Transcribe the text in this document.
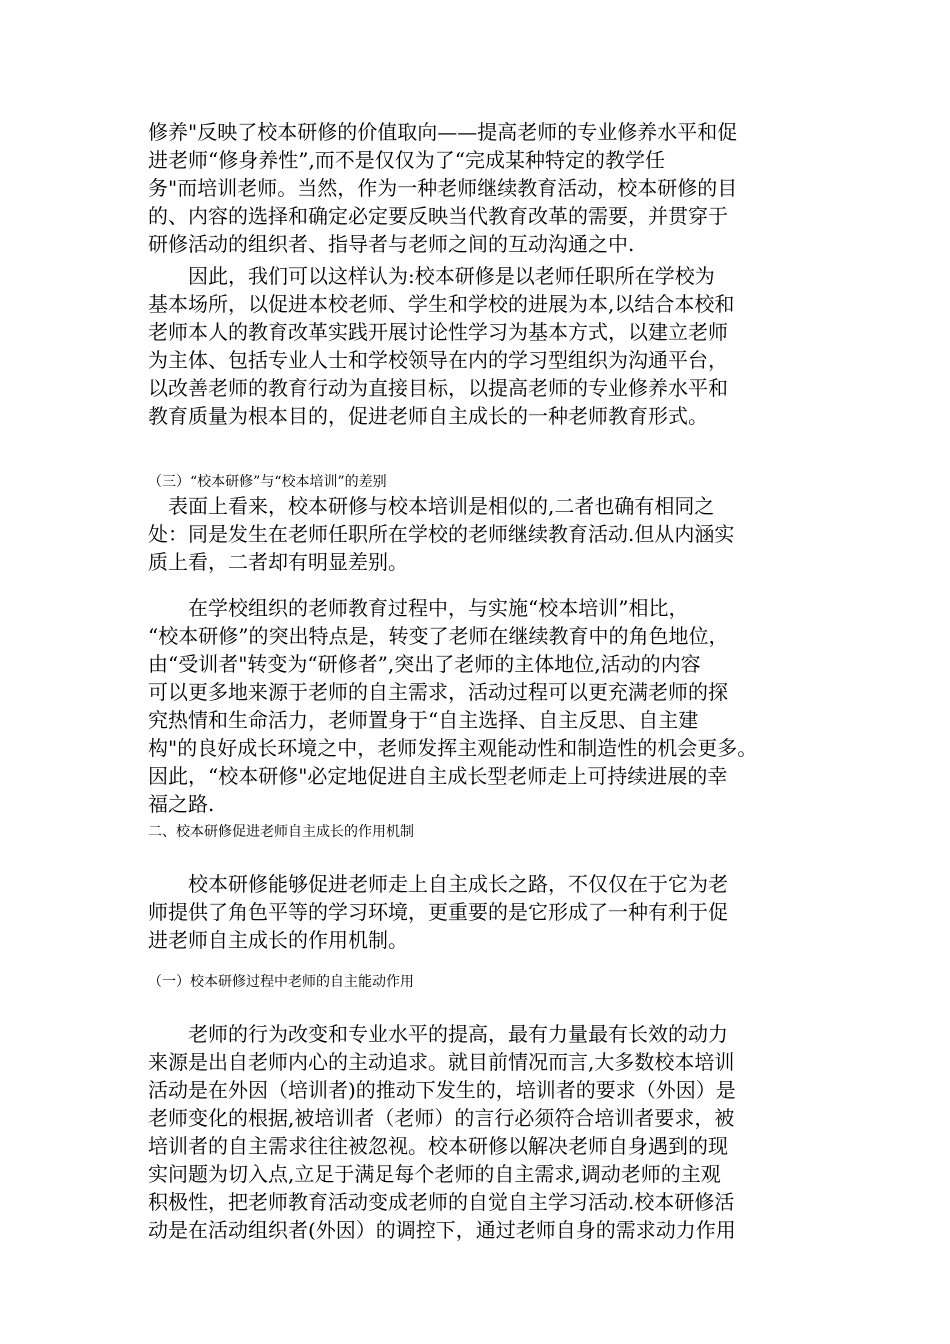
修养"反映了校本研修的价值取向——提高老师的专业修养水平和促
进老师“修身养性”,而不是仅仅为了“完成某种特定的教学任
务"而培训老师。当然，作为一种老师继续教育活动，校本研修的目
的、内容的选择和确定必定要反映当代教育改革的需要，并贯穿于
研修活动的组织者、指导者与老师之间的互动沟通之中.
　　因此，我们可以这样认为:校本研修是以老师任职所在学校为
基本场所，以促进本校老师、学生和学校的进展为本,以结合本校和
老师本人的教育改革实践开展讨论性学习为基本方式，以建立老师
为主体、包括专业人士和学校领导在内的学习型组织为沟通平台，
以改善老师的教育行动为直接目标，以提高老师的专业修养水平和
教育质量为根本目的，促进老师自主成长的一种老师教育形式。

（三）“校本研修”与“校本培训”的差别

　表面上看来，校本研修与校本培训是相似的,二者也确有相同之
处：同是发生在老师任职所在学校的老师继续教育活动.但从内涵实
质上看，二者却有明显差别。
　　在学校组织的老师教育过程中，与实施“校本培训”相比，
“校本研修”的突出特点是，转变了老师在继续教育中的角色地位，
由“受训者"转变为“研修者”,突出了老师的主体地位,活动的内容
可以更多地来源于老师的自主需求，活动过程可以更充满老师的探
究热情和生命活力，老师置身于“自主选择、自主反思、自主建
构"的良好成长环境之中，老师发挥主观能动性和制造性的机会更多。
因此，“校本研修"必定地促进自主成长型老师走上可持续进展的幸
福之路.

二、校本研修促进老师自主成长的作用机制

　　校本研修能够促进老师走上自主成长之路，不仅仅在于它为老
师提供了角色平等的学习环境，更重要的是它形成了一种有利于促
进老师自主成长的作用机制。

（一）校本研修过程中老师的自主能动作用

　　老师的行为改变和专业水平的提高，最有力量最有长效的动力
来源是出自老师内心的主动追求。就目前情况而言,大多数校本培训
活动是在外因（培训者)的推动下发生的，培训者的要求（外因）是
老师变化的根据,被培训者（老师）的言行必须符合培训者要求，被
培训者的自主需求往往被忽视。校本研修以解决老师自身遇到的现
实问题为切入点,立足于满足每个老师的自主需求,调动老师的主观
积极性，把老师教育活动变成老师的自觉自主学习活动.校本研修活
动是在活动组织者(外因）的调控下，通过老师自身的需求动力作用
